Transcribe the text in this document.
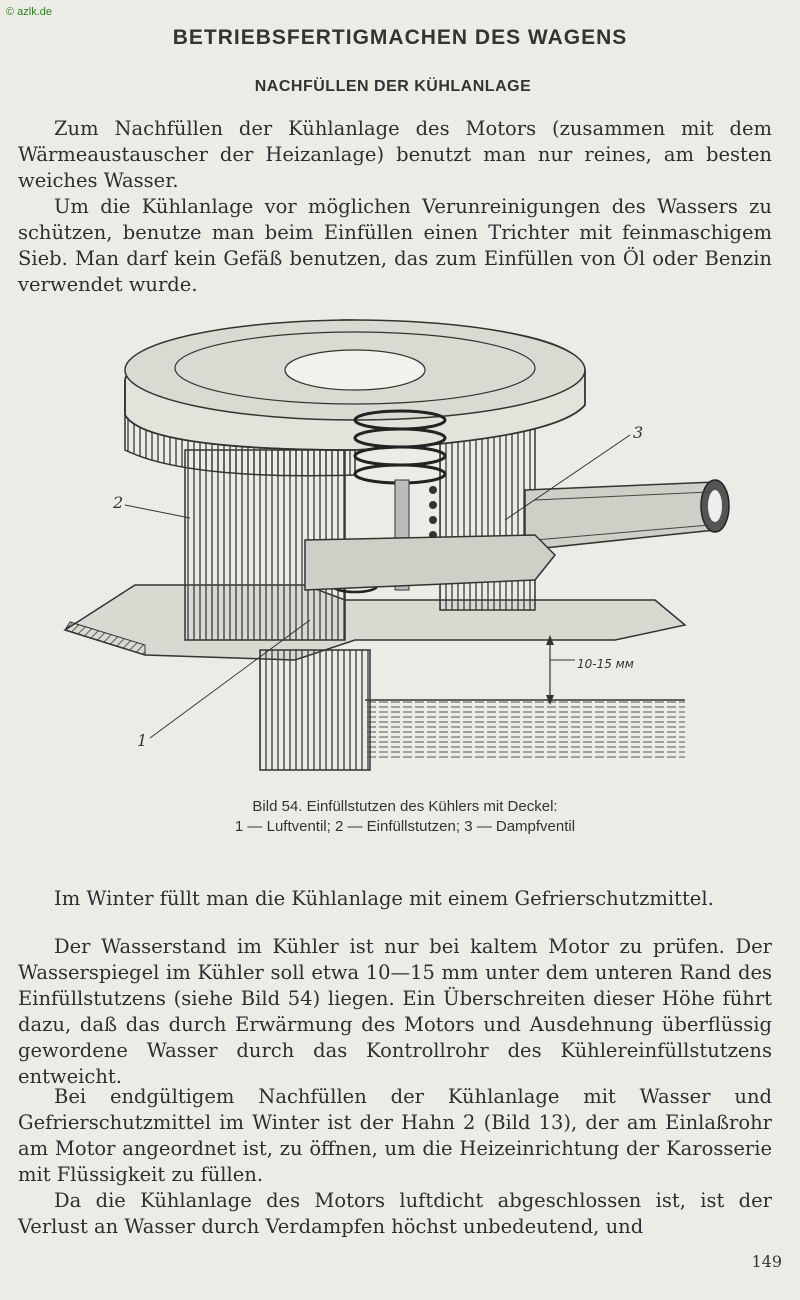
© azlk.de
BETRIEBSFERTIGMACHEN DES WAGENS
NACHFÜLLEN DER KÜHLANLAGE
Zum Nachfüllen der Kühlanlage des Motors (zusammen mit dem Wärmeaustauscher der Heizanlage) benutzt man nur reines, am besten weiches Wasser.
Um die Kühlanlage vor möglichen Verunreinigungen des Wassers zu schützen, benutze man beim Einfüllen einen Trichter mit feinmaschigem Sieb. Man darf kein Gefäß benutzen, das zum Einfüllen von Öl oder Benzin verwendet wurde.
2
3
1
10-15 мм
Bild 54. Einfüllstutzen des Kühlers mit Deckel:
1 — Luftventil; 2 — Einfüllstutzen; 3 — Dampfventil
Im Winter füllt man die Kühlanlage mit einem Gefrierschutzmittel.
Der Wasserstand im Kühler ist nur bei kaltem Motor zu prüfen. Der Wasserspiegel im Kühler soll etwa 10—15 mm unter dem unteren Rand des Einfüllstutzens (siehe Bild 54) liegen. Ein Überschreiten dieser Höhe führt dazu, daß das durch Erwärmung des Motors und Ausdehnung überflüssig gewordene Wasser durch das Kontrollrohr des Kühlereinfüllstutzens entweicht.
Bei endgültigem Nachfüllen der Kühlanlage mit Wasser und Gefrierschutzmittel im Winter ist der Hahn 2 (Bild 13), der am Einlaßrohr am Motor angeordnet ist, zu öffnen, um die Heizeinrichtung der Karosserie mit Flüssigkeit zu füllen.
Da die Kühlanlage des Motors luftdicht abgeschlossen ist, ist der Verlust an Wasser durch Verdampfen höchst unbedeutend, und
149
